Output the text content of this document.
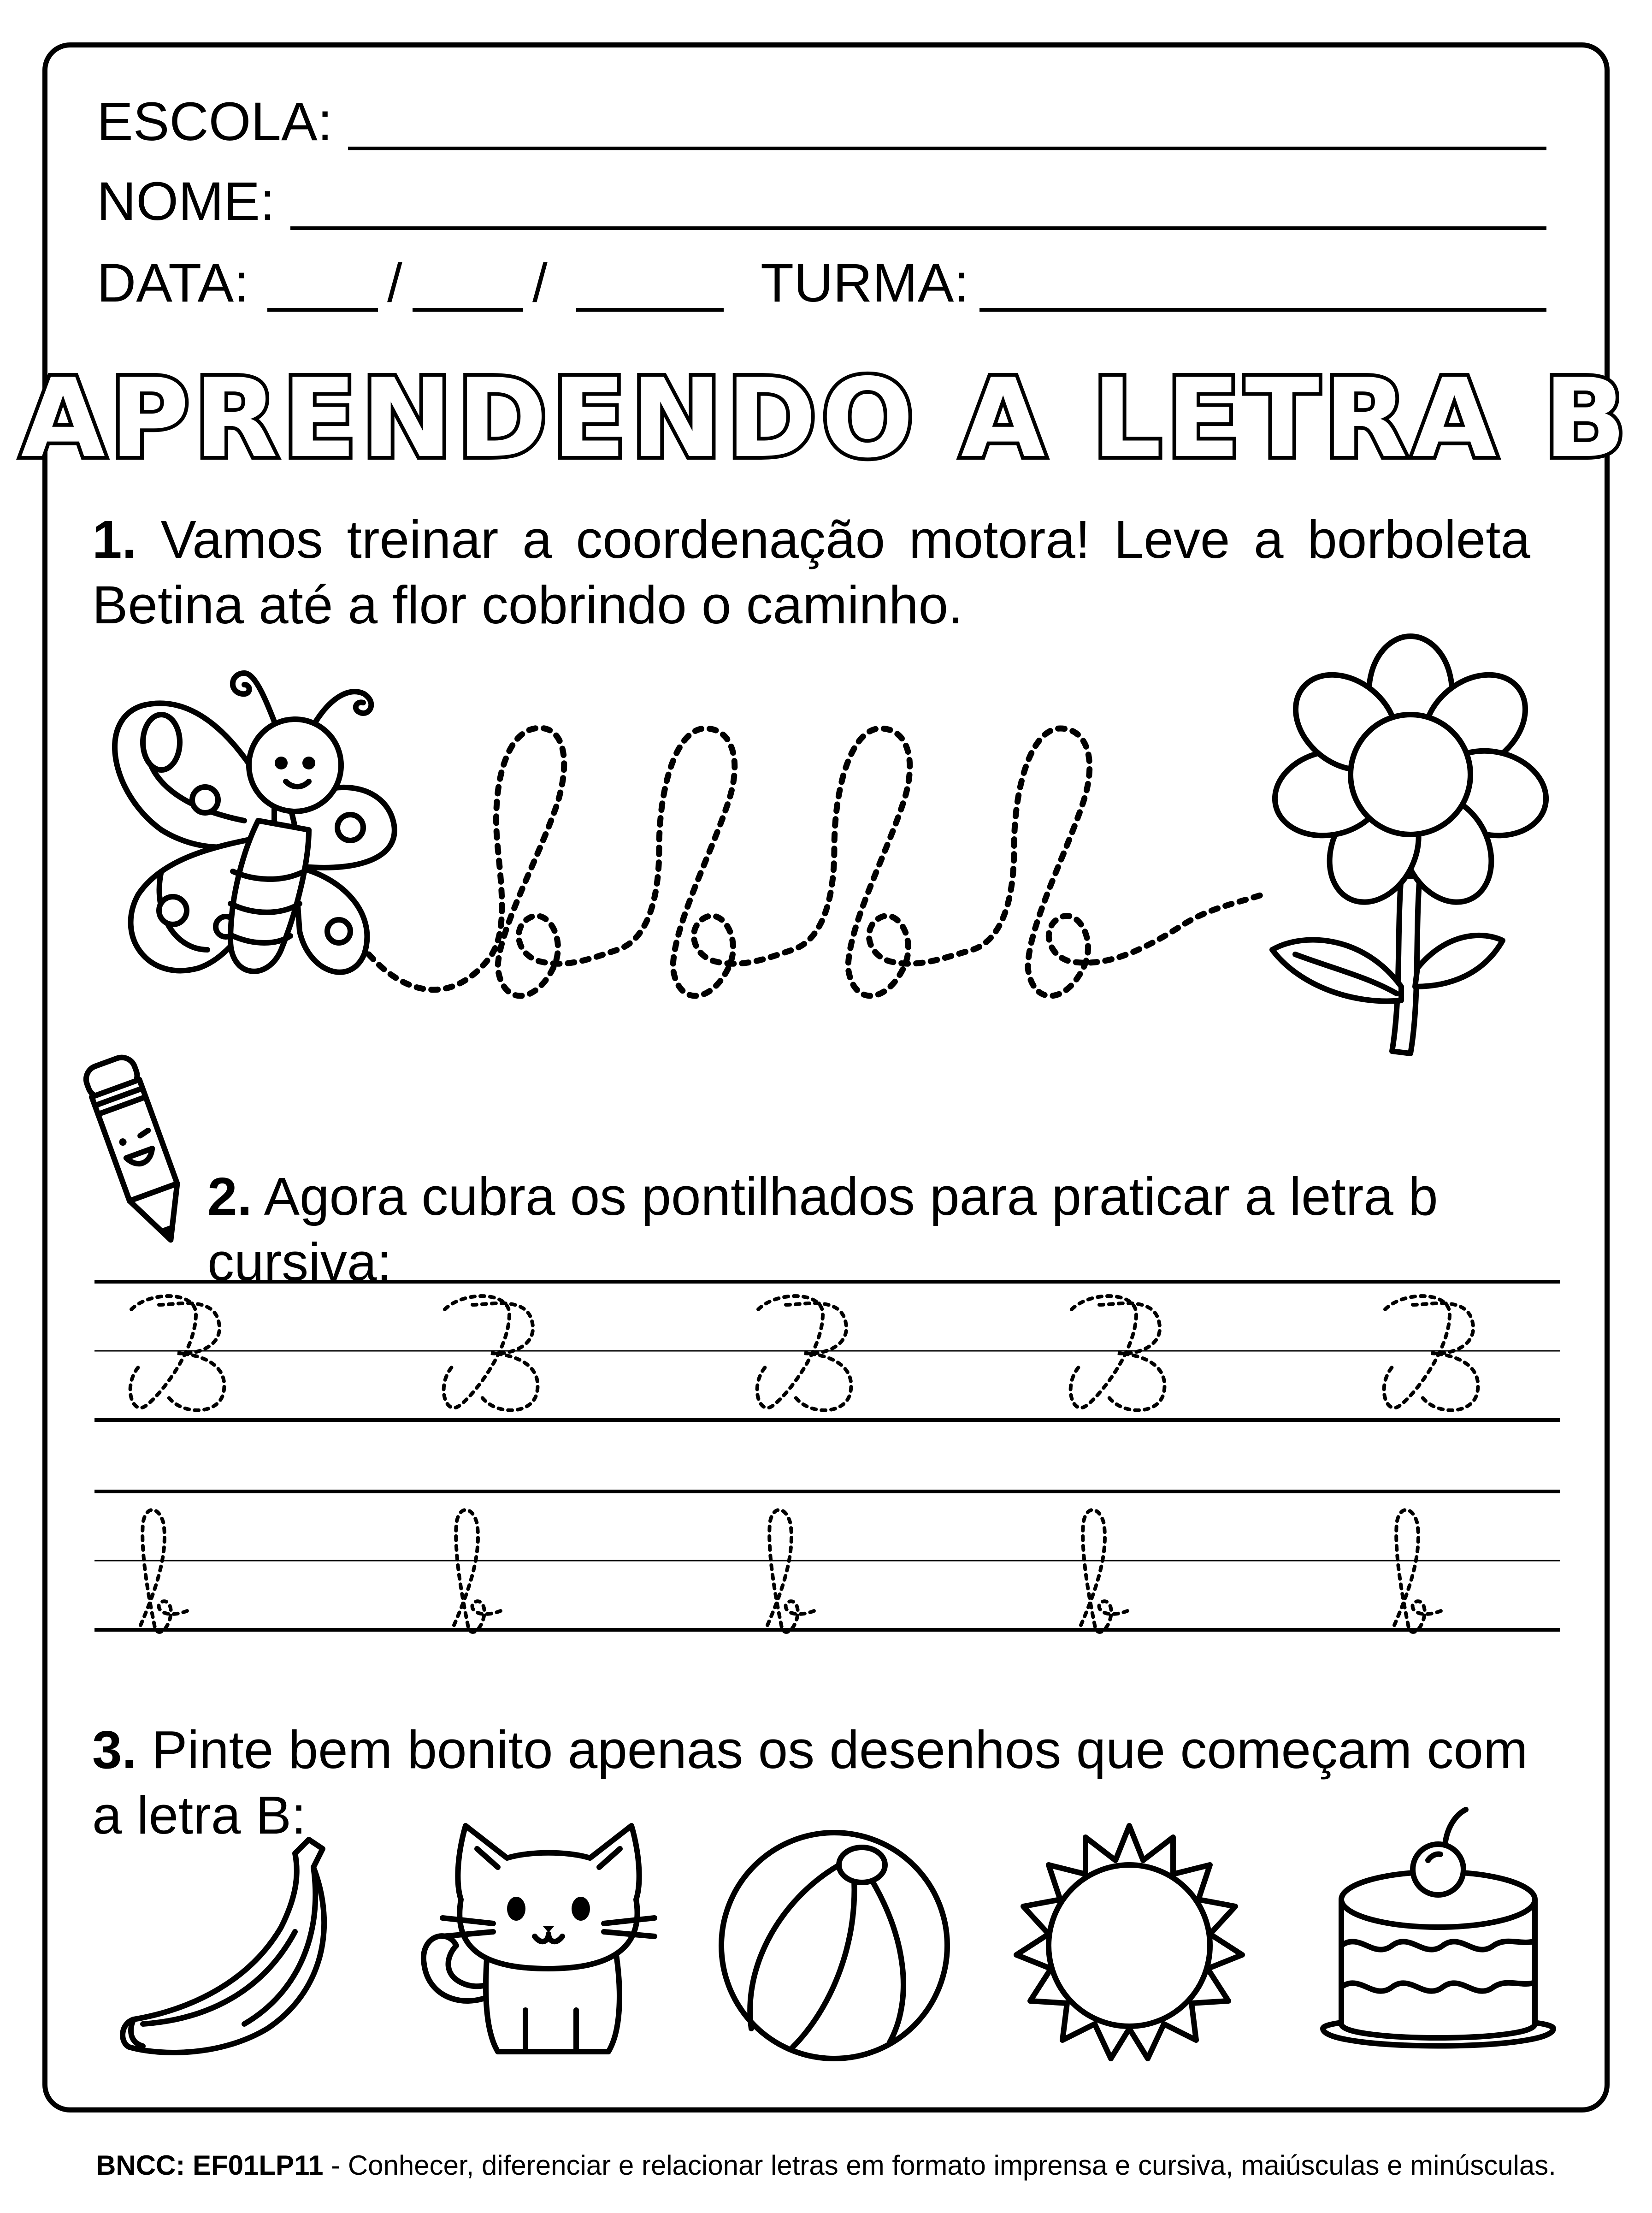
ESCOLA:
NOME:
DATA:	/ /	TURMA:
APRENDENDO A LETRA B
1. Vamos treinar a coordenação motora! Leve a borboleta Betina até a flor cobrindo o caminho.
2. Agora cubra os pontilhados para praticar a letra b cursiva:
3. Pinte bem bonito apenas os desenhos que começam com a letra B:
BNCC: EF01LP11 - Conhecer, diferenciar e relacionar letras em formato imprensa e cursiva, maiúsculas e minúsculas.
